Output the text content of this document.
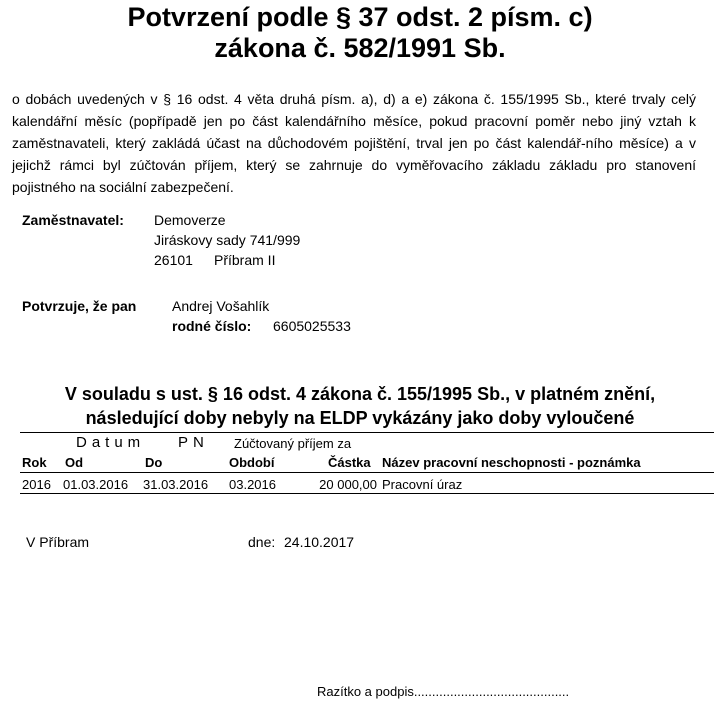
Potvrzení podle § 37 odst. 2 písm. c)
zákona č. 582/1991 Sb.
o dobách uvedených v § 16 odst. 4 věta druhá písm. a), d) a e) zákona č. 155/1995 Sb., které trvaly celý kalendářní měsíc (popřípadě jen po část kalendářního měsíce, pokud pracovní poměr nebo jiný vztah k zaměstnavateli, který zakládá účast na důchodovém pojištění, trval jen po část kalendář-ního měsíce) a v jejichž rámci byl zúčtován příjem, který se zahrnuje do vyměřovacího základu základu pro stanovení pojistného na sociální zabezpečení.
Zaměstnavatel: Demoverze
Jiráskovy sady 741/999
26101 Příbram II
Potvrzuje, že pan	Andrej Vošahlík
rodné číslo: 6605025533
V souladu s ust. § 16 odst. 4 zákona č. 155/1995 Sb., v platném znění,
následující doby nebyly na ELDP vykázány jako doby vyloučené
Datum PN Zúčtovaný příjem za
Rok Od	Do	Období	Částka Název pracovní neschopnosti - poznámka
2016 01.03.2016 31.03.2016 03.2016	20 000,00 Pracovní úraz
V Příbram	dne: 24.10.2017
Razítko a podpis...........................................
